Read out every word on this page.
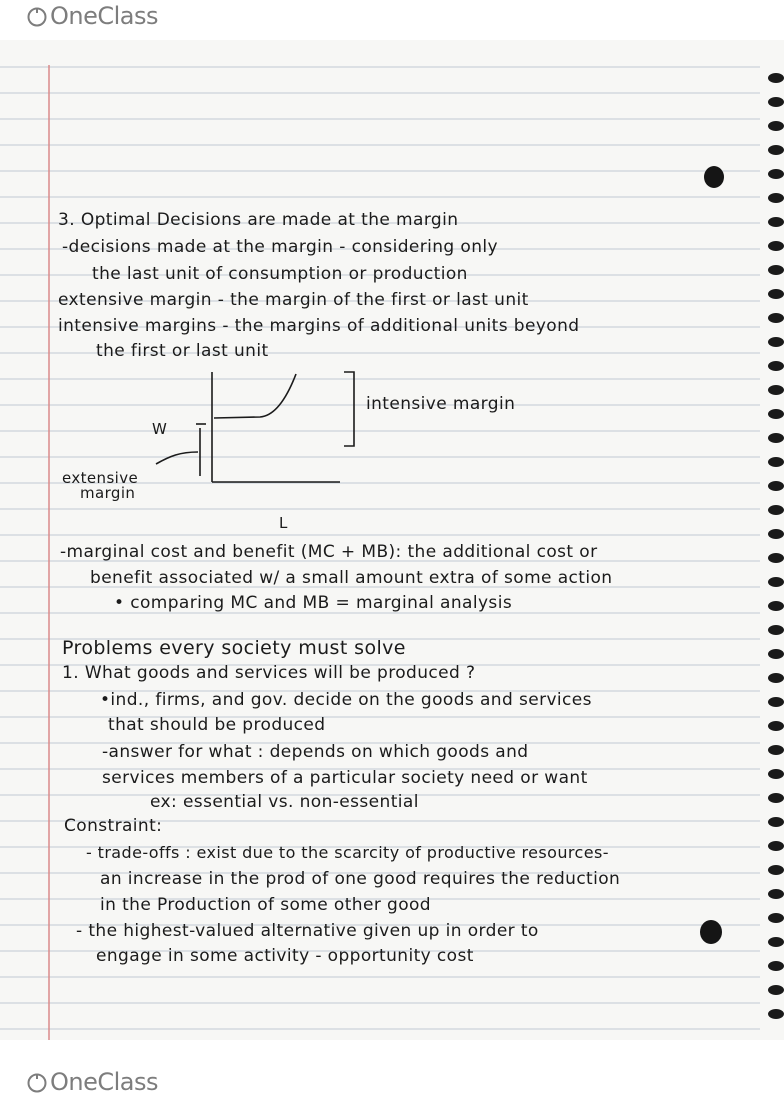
OneClass
3. Optimal Decisions are made at the margin
-decisions made at the margin - considering only
the last unit of consumption or production
extensive margin - the margin of the first or last unit
intensive margins - the margins of additional units beyond
the first or last unit
intensive margin
W
extensive
margin
L
-marginal cost and benefit (MC + MB): the additional cost or
benefit associated w/ a small amount extra of some action
• comparing MC and MB = marginal analysis
Problems every society must solve
1. What goods and services will be produced ?
•ind., firms, and gov. decide on the goods and services
that should be produced
-answer for what : depends on which goods and
services members of a particular society need or want
ex: essential vs. non-essential
Constraint:
- trade-offs : exist due to the scarcity of productive resources-
an increase in the prod of one good requires the reduction
in the Production of some other good
- the highest-valued alternative given up in order to
engage in some activity - opportunity cost
OneClass
